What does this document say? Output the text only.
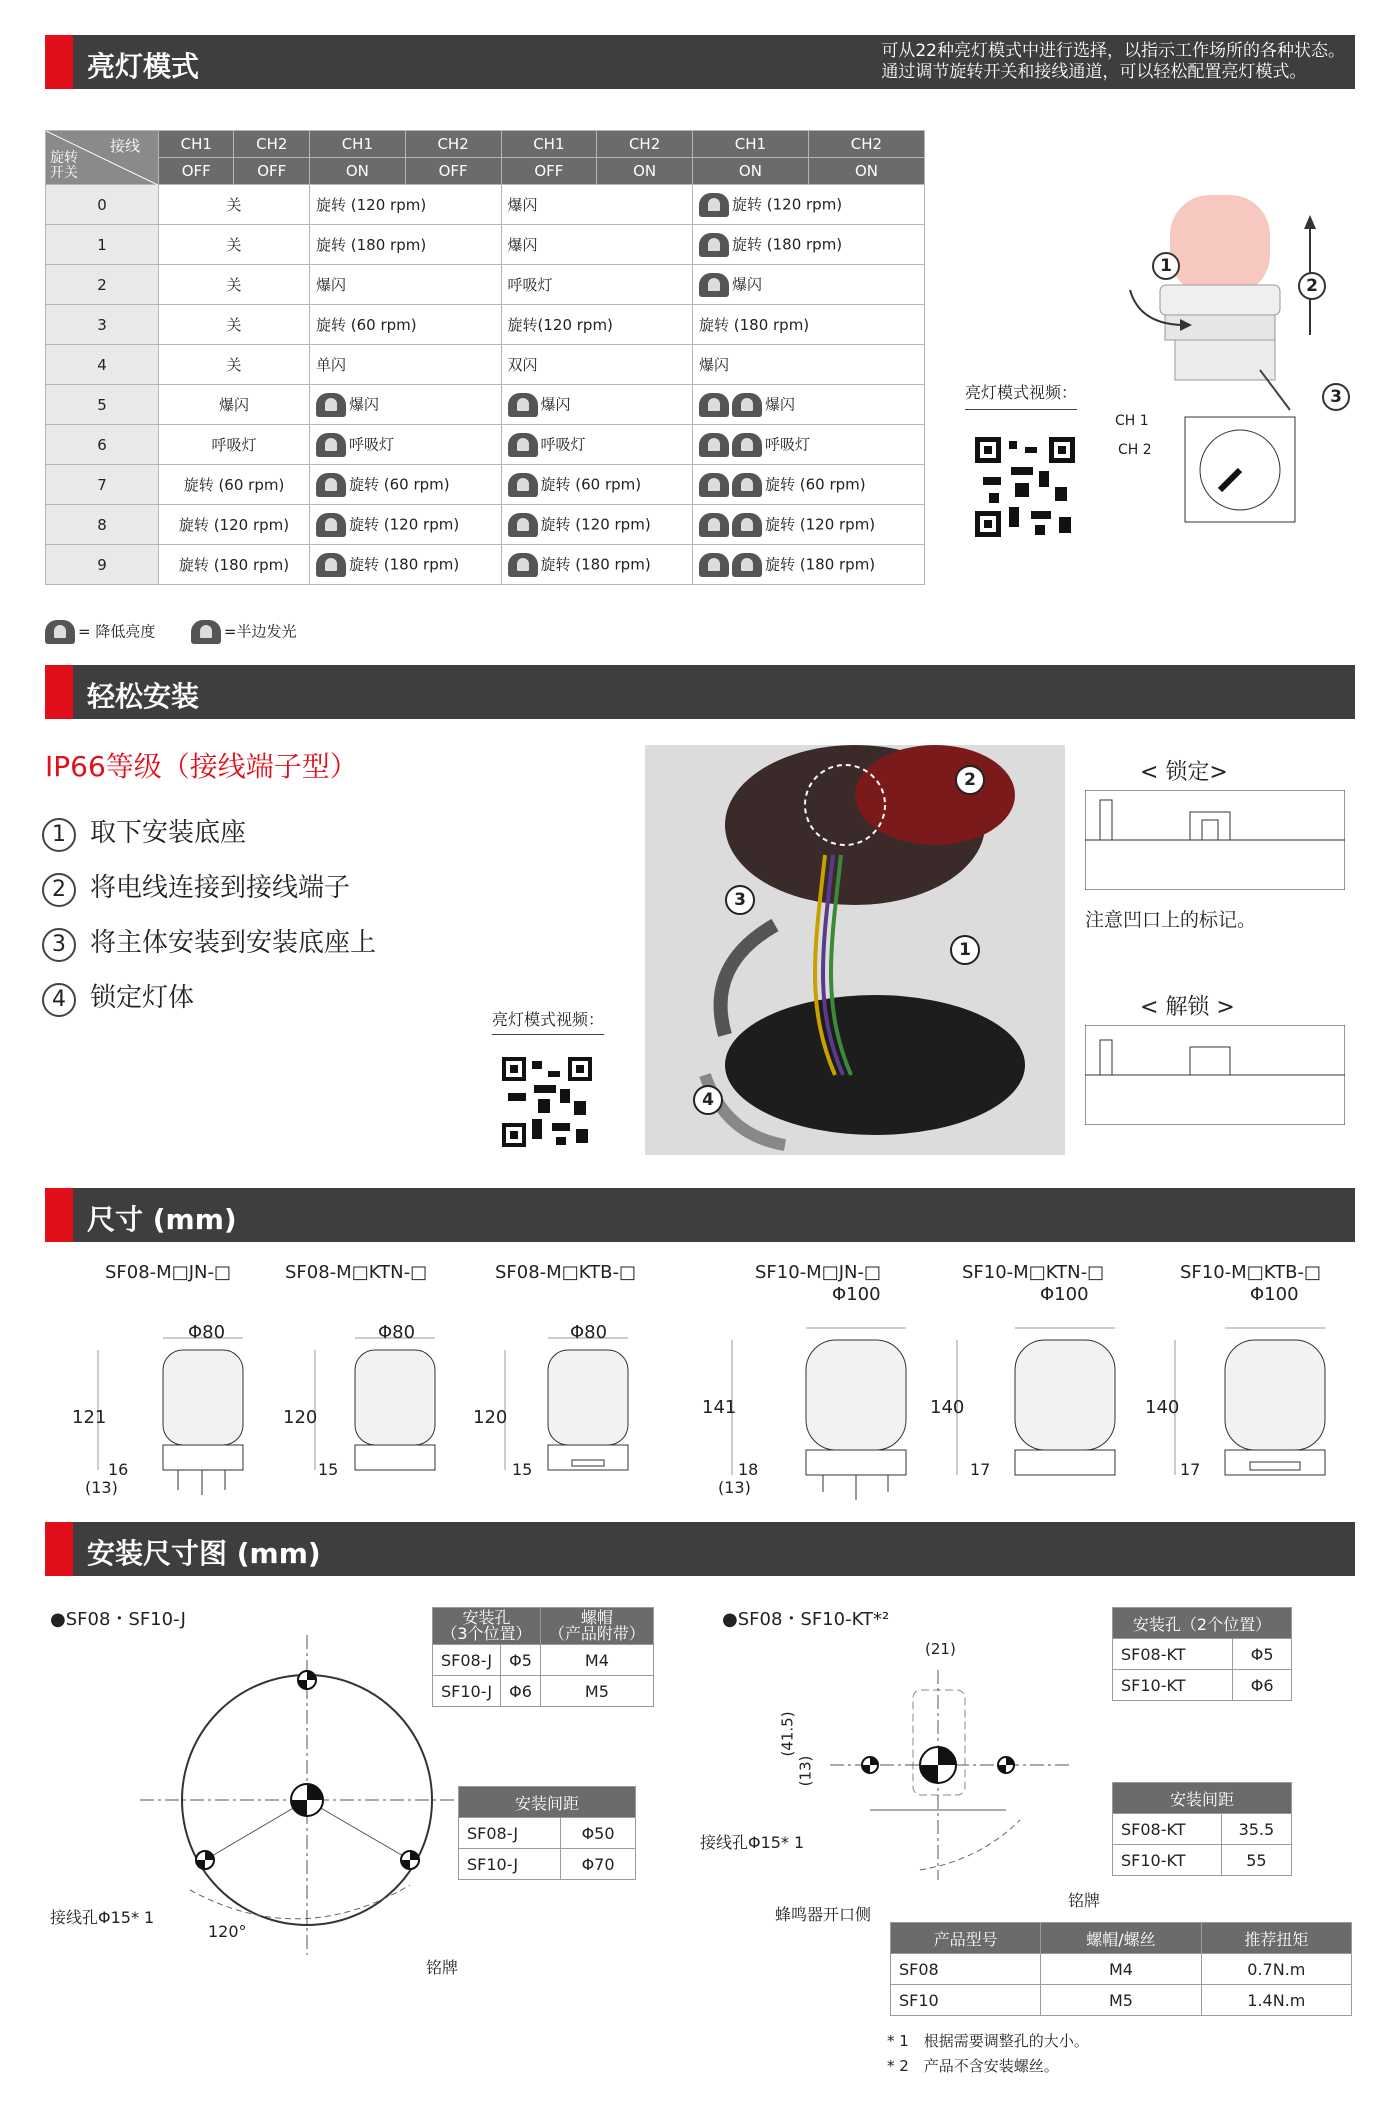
亮灯模式	可从22种亮灯模式中进行选择，以指示工作场所的各种状态。
通过调节旋转开关和接线通道，可以轻松配置亮灯模式。
接线
旋转
开关	CH1	CH2	CH1	CH2	CH1	CH2	CH1	CH2
	OFF	OFF	ON	OFF	OFF	ON	ON	ON
0	关		旋转 (120 rpm)		爆闪		旋转 (120 rpm)	
1	关		旋转 (180 rpm)		爆闪		旋转 (180 rpm)	
2	关		爆闪		呼吸灯		爆闪	
3	关		旋转 (60 rpm)		旋转(120 rpm)		旋转 (180 rpm)	
4	关		单闪		双闪		爆闪	
5	爆闪		爆闪		爆闪		爆闪	
6	呼吸灯		呼吸灯		呼吸灯		呼吸灯	
7	旋转 (60 rpm)		旋转 (60 rpm)		旋转 (60 rpm)		旋转 (60 rpm)	
8	旋转 (120 rpm)		旋转 (120 rpm)		旋转 (120 rpm)		旋转 (120 rpm)	
9	旋转 (180 rpm)		旋转 (180 rpm)		旋转 (180 rpm)		旋转 (180 rpm)	
= 降低亮度	=半边发光
亮灯模式视频：
1
2
3
CH 1
CH 2
轻松安装
IP66等级（接线端子型）
1 取下安装底座
2 将电线连接到接线端子
3 将主体安装到安装底座上
4 锁定灯体
亮灯模式视频：
2
3
1
4
< 锁定>
注意凹口上的标记。
< 解锁 >
尺寸 (mm)
SF08-M□JN-□	SF08-M□KTN-□	SF08-M□KTB-□	SF10-M□JN-□	SF10-M□KTN-□	SF10-M□KTB-□
Φ80	Φ80	Φ80
Φ100	Φ100	Φ100
121	120	120	141	140	140
16
(13)
15	15	18
(13)
17	17
安装尺寸图 (mm)
●SF08・SF10-J	●SF08・SF10-KT*²
接线孔Φ15* 1
120°
铭牌
安装孔
（3个位置）		螺帽
（产品附带）
SF08-J	Φ5	M4
SF10-J	Φ6	M5
安装间距	
SF08-J	Φ50
SF10-J	Φ70
(21)
(41.5)
(13)
接线孔Φ15* 1
蜂鸣器开口侧
铭牌
安装孔（2个位置）	
SF08-KT	Φ5
SF10-KT	Φ6
安装间距	
SF08-KT	35.5
SF10-KT	55
产品型号	螺帽/螺丝	推荐扭矩
SF08	M4	0.7N.m
SF10	M5	1.4N.m
* 1　根据需要调整孔的大小。
* 2　产品不含安装螺丝。
